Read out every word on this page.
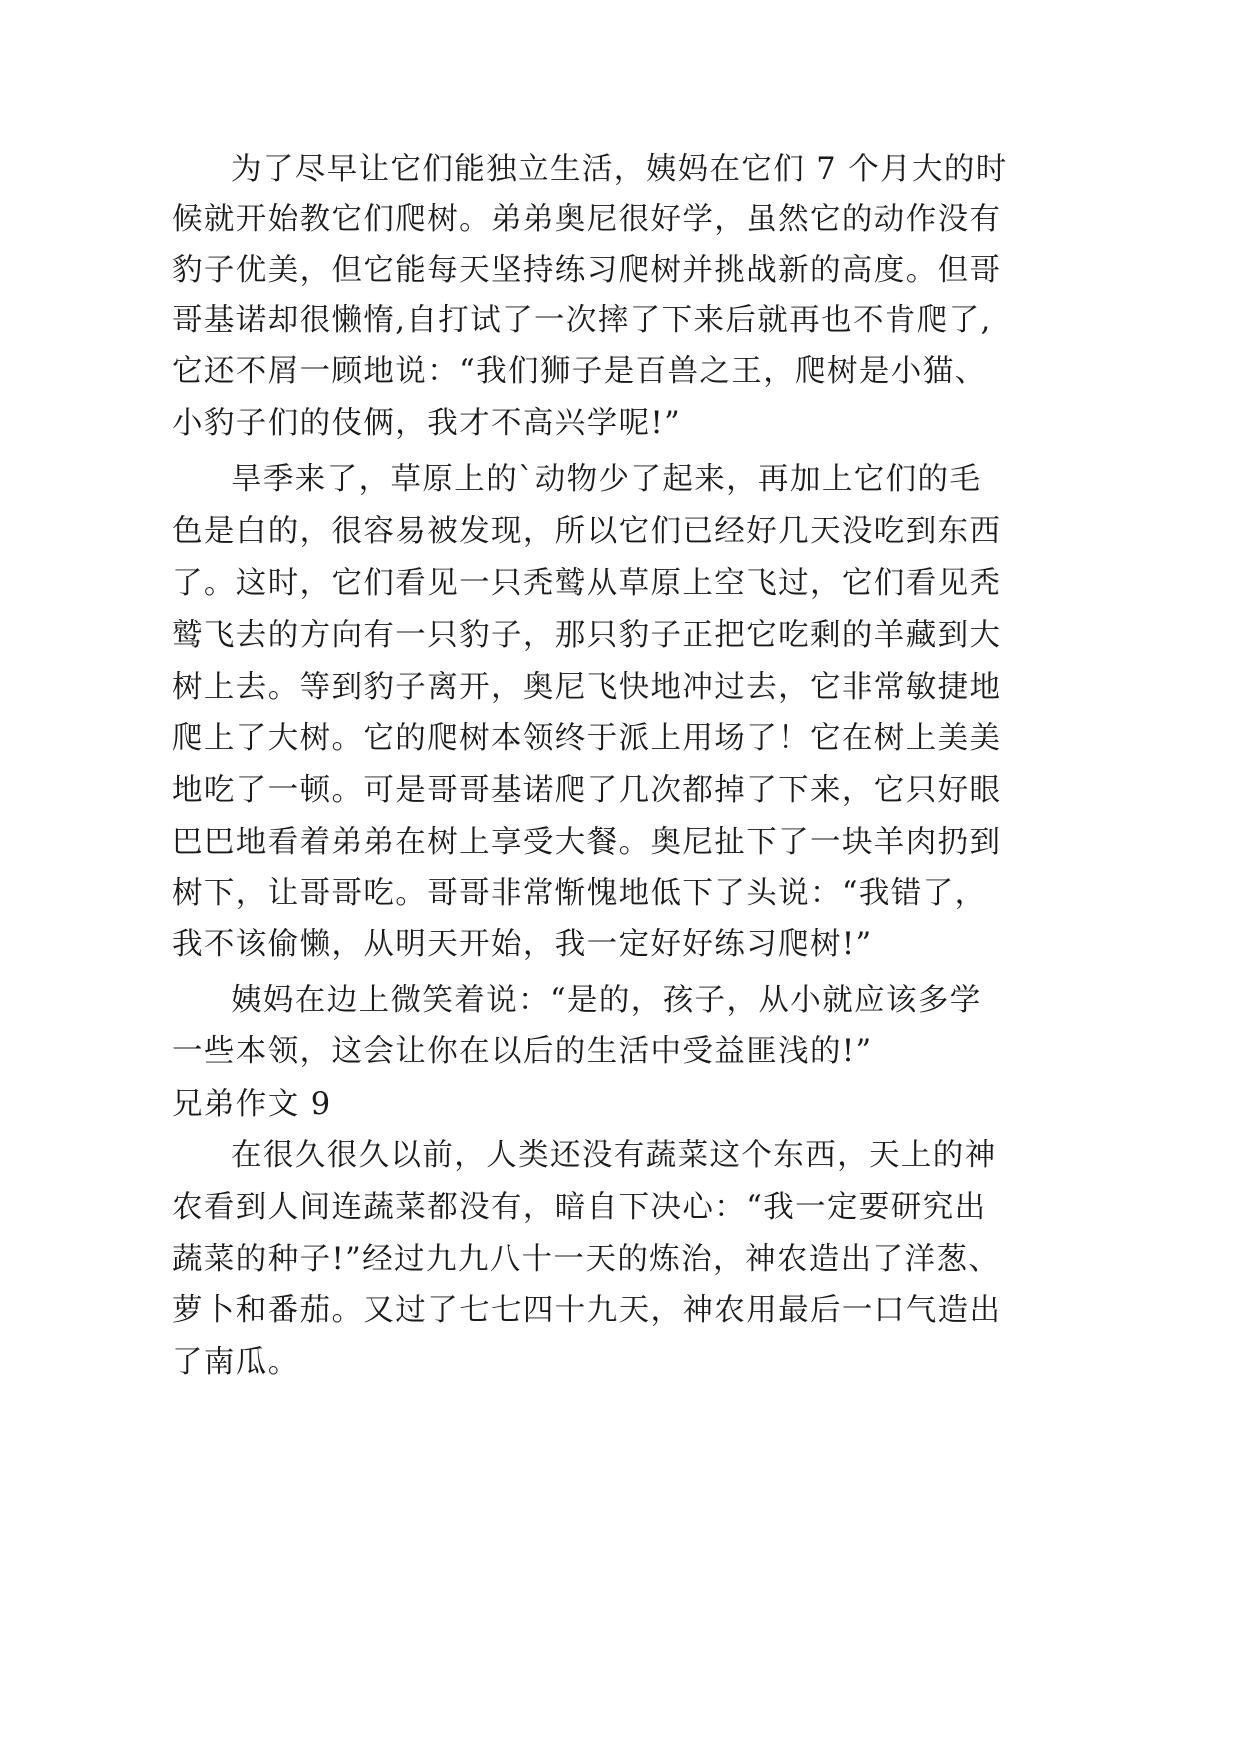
为了尽早让它们能独立生活，姨妈在它们 7 个月大的时
候就开始教它们爬树。弟弟奥尼很好学，虽然它的动作没有
豹子优美，但它能每天坚持练习爬树并挑战新的高度。但哥
哥基诺却很懒惰,自打试了一次摔了下来后就再也不肯爬了,
它还不屑一顾地说：“我们狮子是百兽之王，爬树是小猫、
小豹子们的伎俩，我才不高兴学呢!”
旱季来了，草原上的`动物少了起来，再加上它们的毛
色是白的，很容易被发现，所以它们已经好几天没吃到东西
了。这时，它们看见一只秃鹫从草原上空飞过，它们看见秃
鹫飞去的方向有一只豹子，那只豹子正把它吃剩的羊藏到大
树上去。等到豹子离开，奥尼飞快地冲过去，它非常敏捷地
爬上了大树。它的爬树本领终于派上用场了！它在树上美美
地吃了一顿。可是哥哥基诺爬了几次都掉了下来，它只好眼
巴巴地看着弟弟在树上享受大餐。奥尼扯下了一块羊肉扔到
树下，让哥哥吃。哥哥非常惭愧地低下了头说：“我错了，
我不该偷懒，从明天开始，我一定好好练习爬树!”
姨妈在边上微笑着说：“是的，孩子，从小就应该多学
一些本领，这会让你在以后的生活中受益匪浅的!”
兄弟作文 9
在很久很久以前，人类还没有蔬菜这个东西，天上的神
农看到人间连蔬菜都没有，暗自下决心：“我一定要研究出
蔬菜的种子!”经过九九八十一天的炼治，神农造出了洋葱、
萝卜和番茄。又过了七七四十九天，神农用最后一口气造出
了南瓜。
